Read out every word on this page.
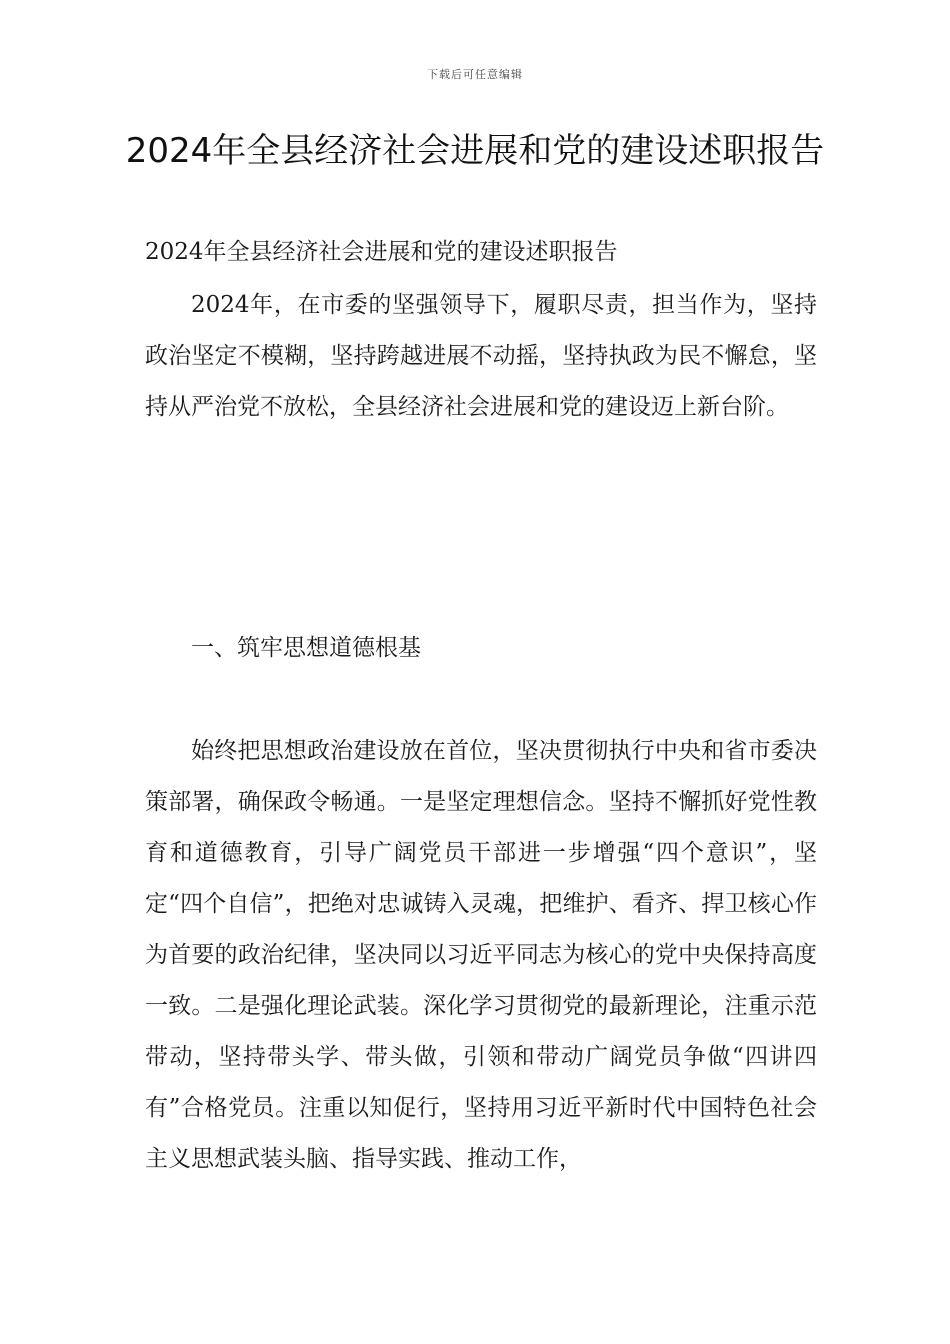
下载后可任意编辑
2024年全县经济社会进展和党的建设述职报告
2024年全县经济社会进展和党的建设述职报告

2024年，在市委的坚强领导下，履职尽责，担当作为，坚持政治坚定不模糊，坚持跨越进展不动摇，坚持执政为民不懈怠，坚持从严治党不放松，全县经济社会进展和党的建设迈上新台阶。

一、筑牢思想道德根基

始终把思想政治建设放在首位，坚决贯彻执行中央和省市委决策部署，确保政令畅通。一是坚定理想信念。坚持不懈抓好党性教育和道德教育，引导广阔党员干部进一步增强“四个意识”，坚定“四个自信”，把绝对忠诚铸入灵魂，把维护、看齐、捍卫核心作为首要的政治纪律，坚决同以习近平同志为核心的党中央保持高度一致。二是强化理论武装。深化学习贯彻党的最新理论，注重示范带动，坚持带头学、带头做，引领和带动广阔党员争做“四讲四有”合格党员。注重以知促行，坚持用习近平新时代中国特色社会主义思想武装头脑、指导实践、推动工作，
